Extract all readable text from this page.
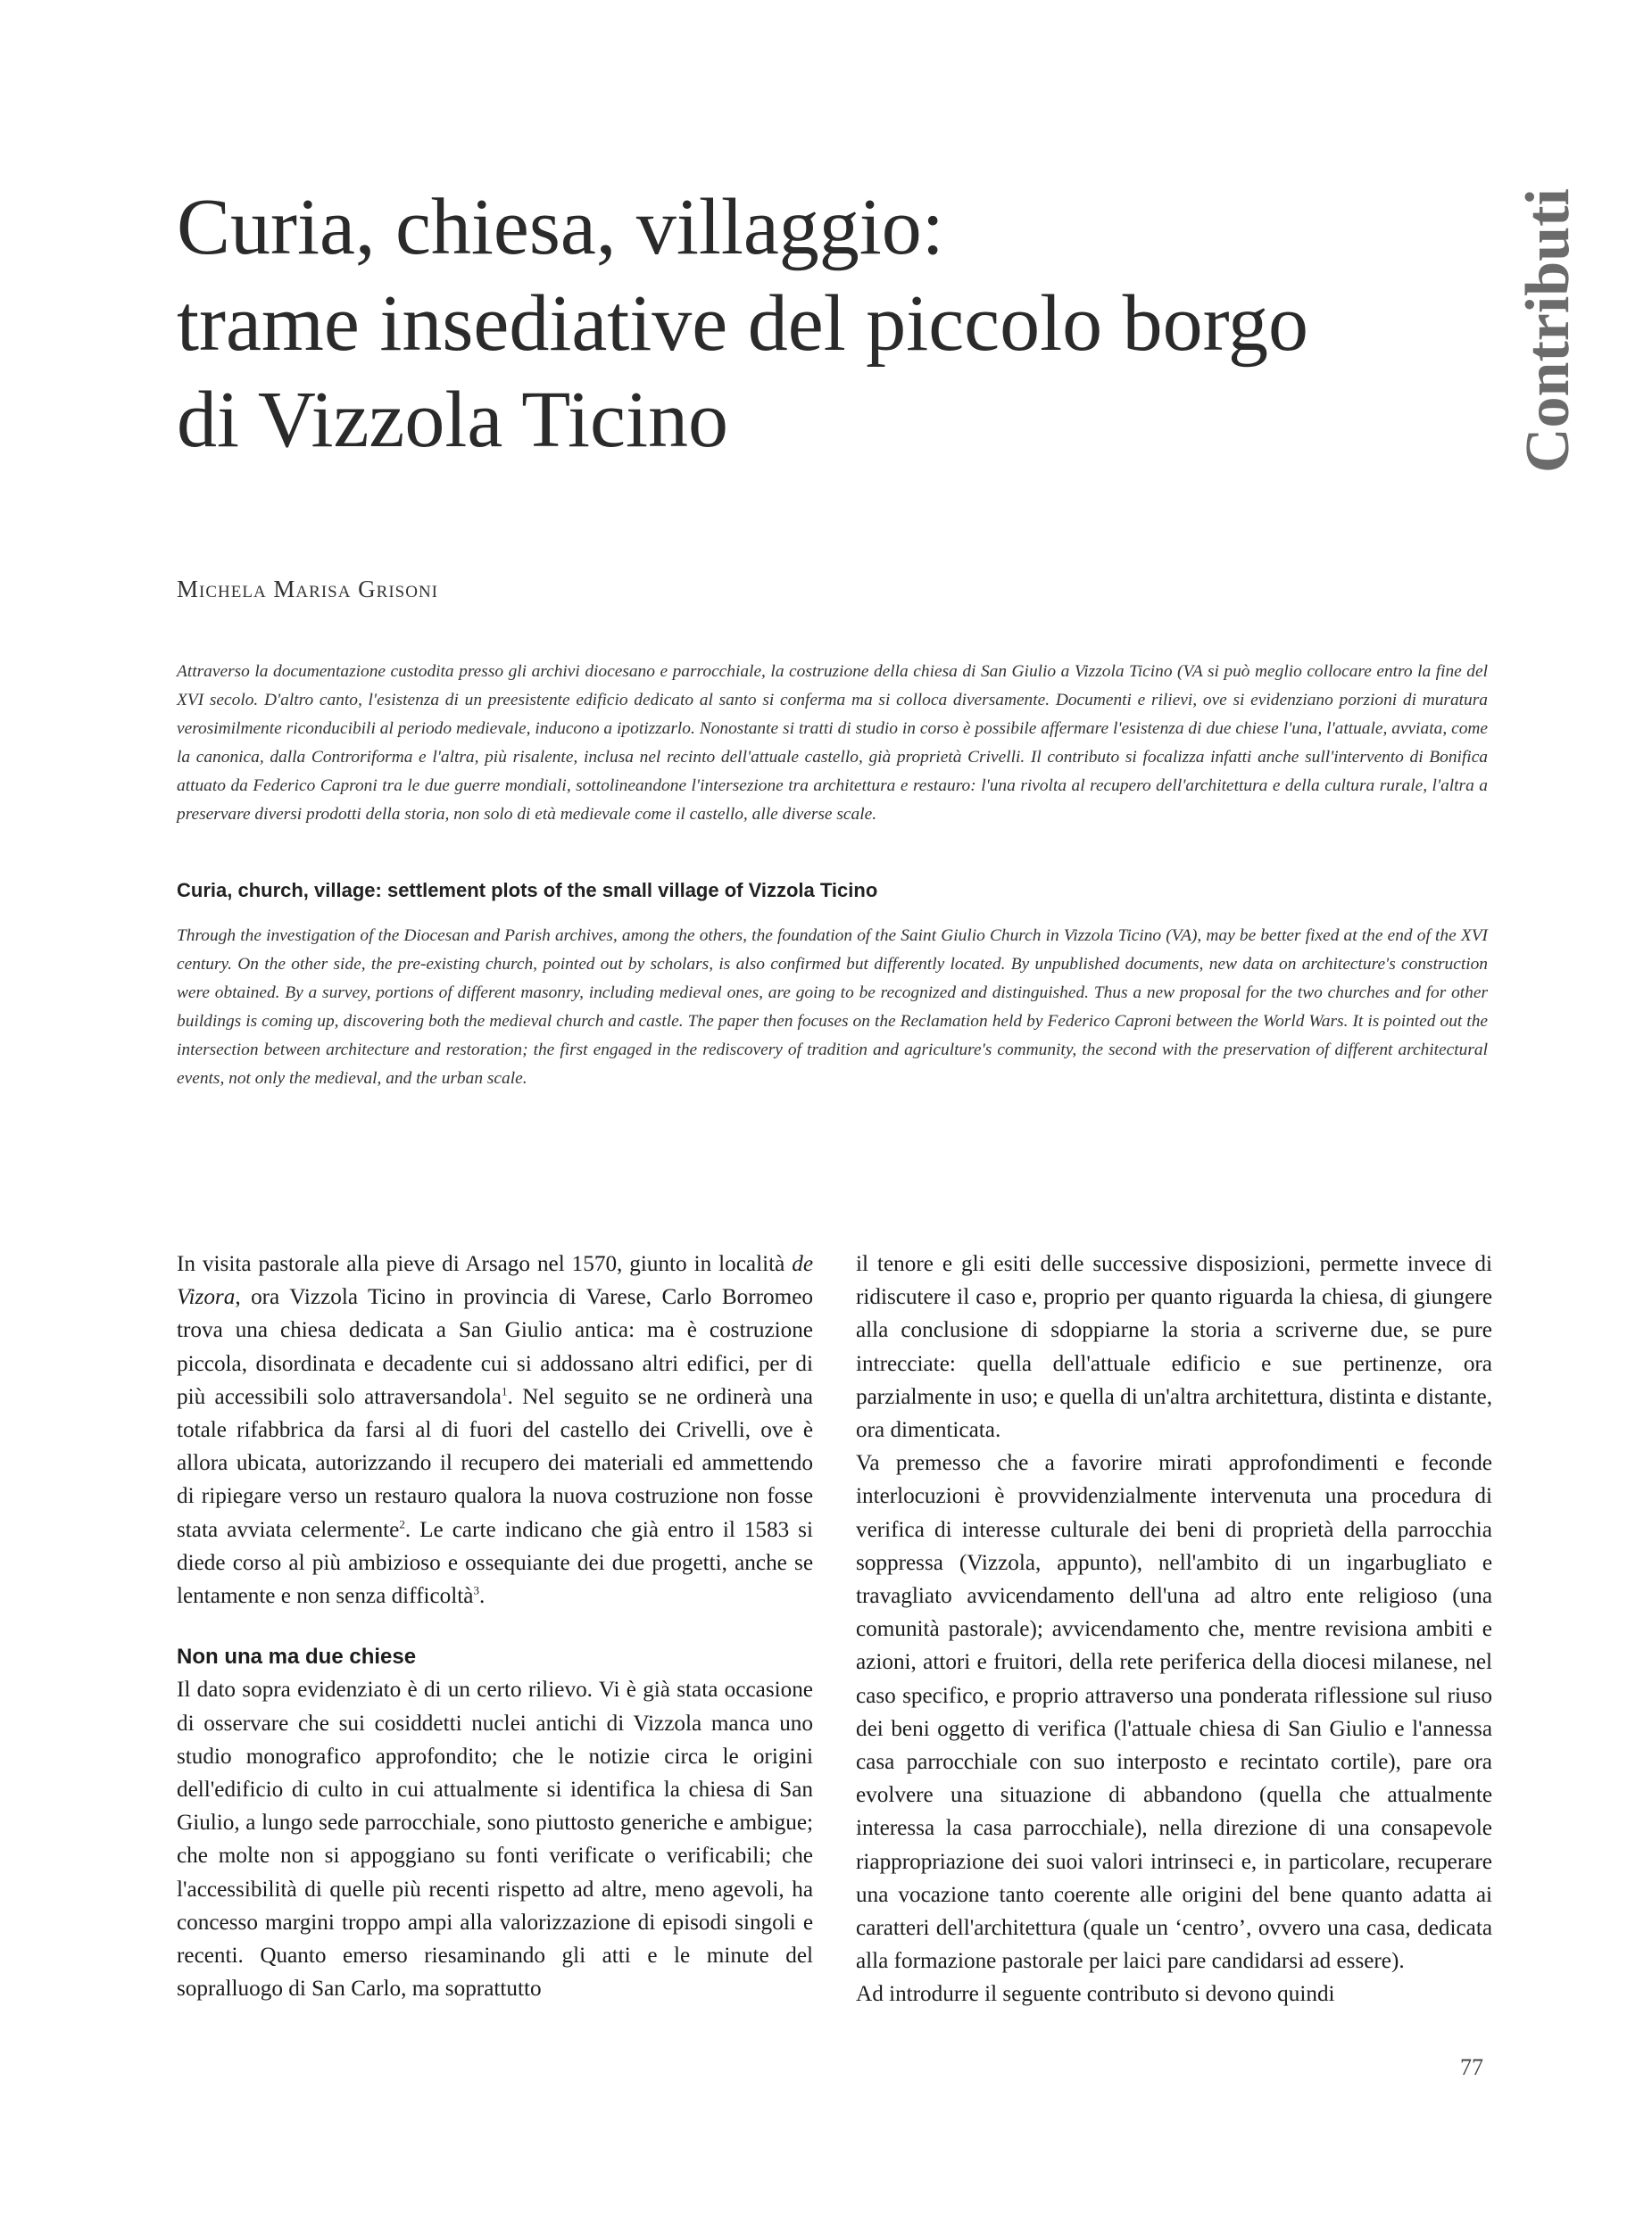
Curia, chiesa, villaggio:
trame insediative del piccolo borgo
di Vizzola Ticino	Contributi
Michela Marisa Grisoni

Attraverso la documentazione custodita presso gli archivi diocesano e parrocchiale, la costruzione della chiesa di San Giulio a Vizzola Ticino (VA si può meglio collocare entro la fine del XVI secolo. D'altro canto, l'esistenza di un preesistente edificio dedicato al santo si conferma ma si colloca diversamente. Documenti e rilievi, ove si evidenziano porzioni di muratura verosimilmente riconducibili al periodo medievale, inducono a ipotizzarlo. Nonostante si tratti di studio in corso è possibile affermare l'esistenza di due chiese l'una, l'attuale, avviata, come la canonica, dalla Controriforma e l'altra, più risalente, inclusa nel recinto dell'attuale castello, già proprietà Crivelli. Il contributo si focalizza infatti anche sull'intervento di Bonifica attuato da Federico Caproni tra le due guerre mondiali, sottolineandone l'intersezione tra architettura e restauro: l'una rivolta al recupero dell'architettura e della cultura rurale, l'altra a preservare diversi prodotti della storia, non solo di età medievale come il castello, alle diverse scale.

Curia, church, village: settlement plots of the small village of Vizzola Ticino

Through the investigation of the Diocesan and Parish archives, among the others, the foundation of the Saint Giulio Church in Vizzola Ticino (VA), may be better fixed at the end of the XVI century. On the other side, the pre-existing church, pointed out by scholars, is also confirmed but differently located. By unpublished documents, new data on architecture's construction were obtained. By a survey, portions of different masonry, including medieval ones, are going to be recognized and distinguished. Thus a new proposal for the two churches and for other buildings is coming up, discovering both the medieval church and castle. The paper then focuses on the Reclamation held by Federico Caproni between the World Wars. It is pointed out the intersection between architecture and restoration; the first engaged in the rediscovery of tradition and agriculture's community, the second with the preservation of different architectural events, not only the medieval, and the urban scale.

In visita pastorale alla pieve di Arsago nel 1570, giunto in località de Vizora, ora Vizzola Ticino in provincia di Varese, Carlo Borromeo trova una chiesa dedicata a San Giulio antica: ma è costruzione piccola, disordinata e decadente cui si addossano altri edifici, per di più accessibili solo attraversandola$^1$. Nel seguito se ne ordinerà una totale rifabbrica da farsi al di fuori del castello dei Crivelli, ove è allora ubicata, autorizzando il recupero dei materiali ed ammettendo di ripiegare verso un restauro qualora la nuova costruzione non fosse stata avviata celermente$^2$. Le carte indicano che già entro il 1583 si diede corso al più ambizioso e ossequiante dei due progetti, anche se lentamente e non senza difficoltà$^3$.

Non una ma due chiese

Il dato sopra evidenziato è di un certo rilievo. Vi è già stata occasione di osservare che sui cosiddetti nuclei antichi di Vizzola manca uno studio monografico approfondito; che le notizie circa le origini dell'edificio di culto in cui attualmente si identifica la chiesa di San Giulio, a lungo sede parrocchiale, sono piuttosto generiche e ambigue; che molte non si appoggiano su fonti verificate o verificabili; che l'accessibilità di quelle più recenti rispetto ad altre, meno agevoli, ha concesso margini troppo ampi alla valorizzazione di episodi singoli e recenti. Quanto emerso riesaminando gli atti e le minute del sopralluogo di San Carlo, ma soprattutto

il tenore e gli esiti delle successive disposizioni, permette invece di ridiscutere il caso e, proprio per quanto riguarda la chiesa, di giungere alla conclusione di sdoppiarne la storia a scriverne due, se pure intrecciate: quella dell'attuale edificio e sue pertinenze, ora parzialmente in uso; e quella di un'altra architettura, distinta e distante, ora dimenticata.

Va premesso che a favorire mirati approfondimenti e feconde interlocuzioni è provvidenzialmente intervenuta una procedura di verifica di interesse culturale dei beni di proprietà della parrocchia soppressa (Vizzola, appunto), nell'ambito di un ingarbugliato e travagliato avvicendamento dell'una ad altro ente religioso (una comunità pastorale); avvicendamento che, mentre revisiona ambiti e azioni, attori e fruitori, della rete periferica della diocesi milanese, nel caso specifico, e proprio attraverso una ponderata riflessione sul riuso dei beni oggetto di verifica (l'attuale chiesa di San Giulio e l'annessa casa parrocchiale con suo interposto e recintato cortile), pare ora evolvere una situazione di abbandono (quella che attualmente interessa la casa parrocchiale), nella direzione di una consapevole riappropriazione dei suoi valori intrinseci e, in particolare, recuperare una vocazione tanto coerente alle origini del bene quanto adatta ai caratteri dell'architettura (quale un ‘centro’, ovvero una casa, dedicata alla formazione pastorale per laici pare candidarsi ad essere).

Ad introdurre il seguente contributo si devono quindi

77
